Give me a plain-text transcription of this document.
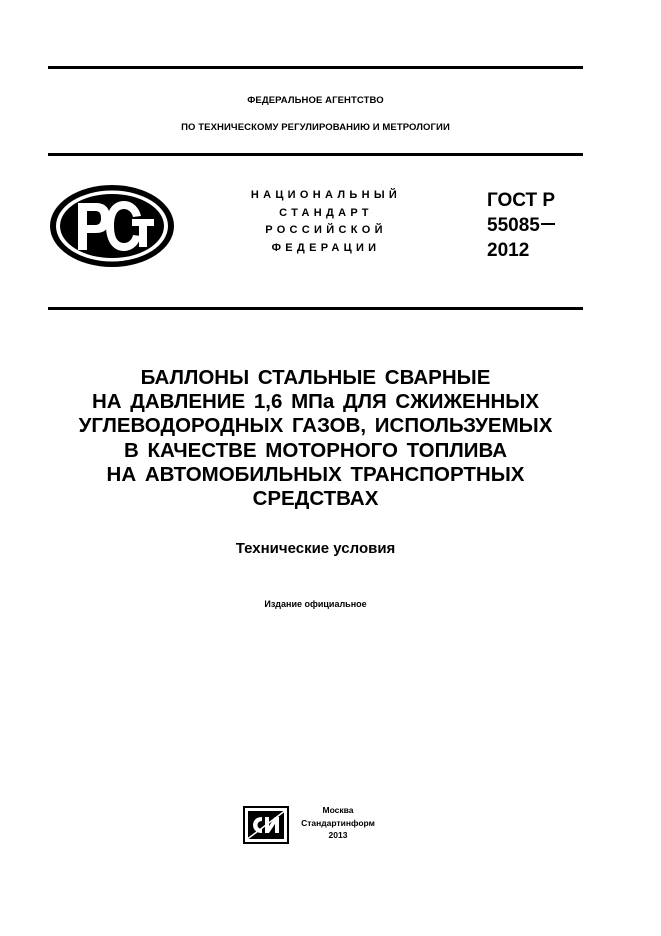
ФЕДЕРАЛЬНОЕ АГЕНТСТВО
ПО ТЕХНИЧЕСКОМУ РЕГУЛИРОВАНИЮ И МЕТРОЛОГИИ
НАЦИОНАЛЬНЫЙ
СТАНДАРТ
РОССИЙСКОЙ
ФЕДЕРАЦИИ
ГОСТ Р
55085
2012
БАЛЛОНЫ СТАЛЬНЫЕ СВАРНЫЕ
НА ДАВЛЕНИЕ 1,6 МПа ДЛЯ СЖИЖЕННЫХ
УГЛЕВОДОРОДНЫХ ГАЗОВ, ИСПОЛЬЗУЕМЫХ
В КАЧЕСТВЕ МОТОРНОГО ТОПЛИВА
НА АВТОМОБИЛЬНЫХ ТРАНСПОРТНЫХ
СРЕДСТВАХ
Технические условия
Издание официальное
Москва
Стандартинформ
2013
